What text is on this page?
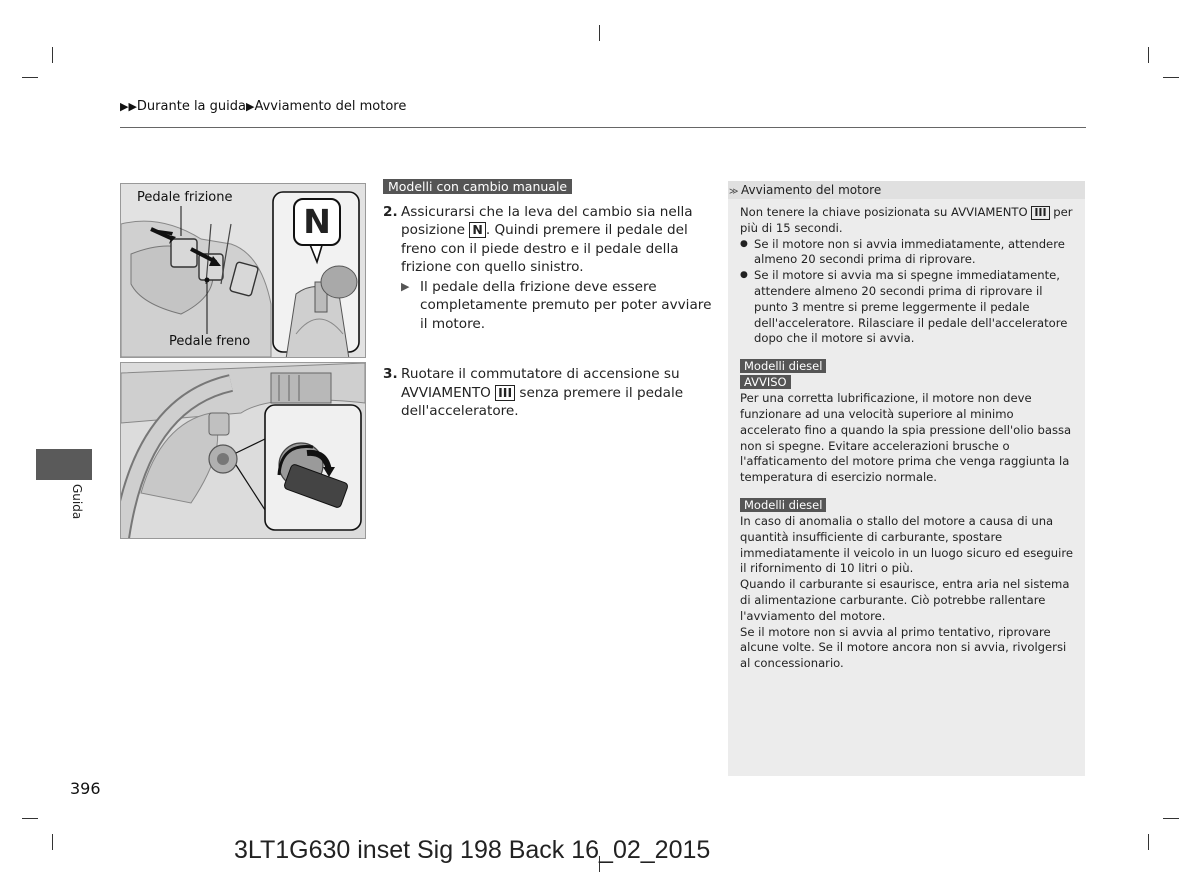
▶▶Durante la guida▶Avviamento del motore
Guida
Pedale frizione
Pedale freno
N
Modelli con cambio manuale
2. Assicurarsi che la leva del cambio sia nella posizione N . Quindi premere il pedale del freno con il piede destro e il pedale della frizione con quello sinistro.
▶ Il pedale della frizione deve essere completamente premuto per poter avviare il motore.
3. Ruotare il commutatore di accensione su AVVIAMENTO III senza premere il pedale dell'acceleratore.
≫ Avviamento del motore

Non tenere la chiave posizionata su AVVIAMENTO III per più di 15 secondi.

● Se il motore non si avvia immediatamente, attendere almeno 20 secondi prima di riprovare.
● Se il motore si avvia ma si spegne immediatamente, attendere almeno 20 secondi prima di riprovare il punto 3 mentre si preme leggermente il pedale dell'acceleratore. Rilasciare il pedale dell'acceleratore dopo che il motore si avvia.
Modelli diesel
AVVISO

Per una corretta lubrificazione, il motore non deve funzionare ad una velocità superiore al minimo accelerato fino a quando la spia pressione dell'olio bassa non si spegne. Evitare accelerazioni brusche o l'affaticamento del motore prima che venga raggiunta la temperatura di esercizio normale.

Modelli diesel

In caso di anomalia o stallo del motore a causa di una quantità insufficiente di carburante, spostare immediatamente il veicolo in un luogo sicuro ed eseguire il rifornimento di 10 litri o più.

Quando il carburante si esaurisce, entra aria nel sistema di alimentazione carburante. Ciò potrebbe rallentare l'avviamento del motore.

Se il motore non si avvia al primo tentativo, riprovare alcune volte. Se il motore ancora non si avvia, rivolgersi al concessionario.

396
3LT1G630 inset Sig 198 Back 16_02_2015
